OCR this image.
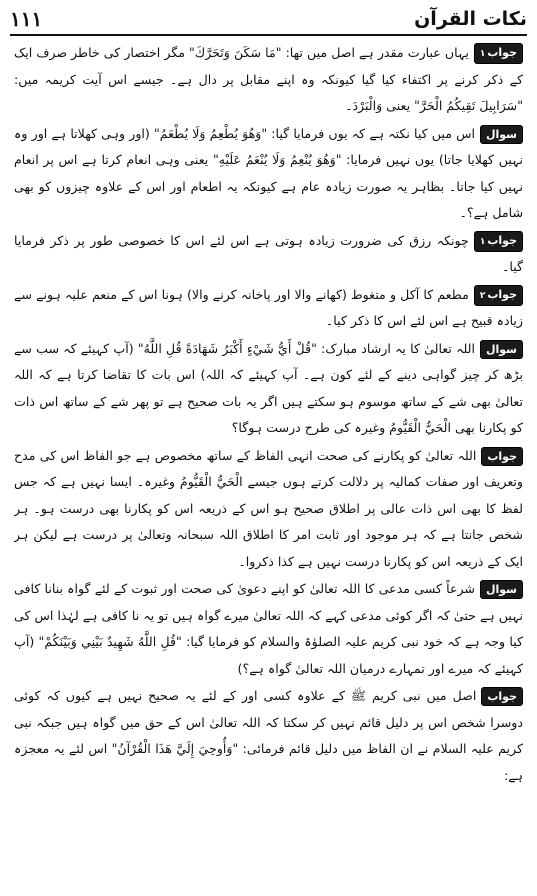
۱۱۱	نکات القرآن

جواب۱یہاں عبارت مقدر ہے اصل میں تھا: "مَا سَكَنَ وَتَحَرَّكَ" مگر اختصار کی خاطر صرف ایک کے ذکر کرنے پر اکتفاء کیا گیا کیونکہ وہ اپنے مقابل پر دال ہے۔ جیسے اس آیت کریمہ میں: "سَرَابِيلَ تَقِيكُمُ الْحَرَّ" یعنی وَالْبَرْدَ۔

سوالاس میں کیا نکتہ ہے کہ یوں فرمایا گیا: "وَهُوَ يُطْعِمُ وَلَا يُطْعَمُ" (اور وہی کھلاتا ہے اور وہ نہیں کھلایا جاتا) یوں نہیں فرمایا: "وَهُوَ يُنْعِمُ وَلَا يُنْعَمُ عَلَيْهِ" یعنی وہی انعام کرتا ہے اس پر انعام نہیں کیا جاتا۔ بظاہر یہ صورت زیادہ عام ہے کیونکہ یہ اطعام اور اس کے علاوہ چیزوں کو بھی شامل ہے؟۔

جواب۱چونکہ رزق کی ضرورت زیادہ ہوتی ہے اس لئے اس کا خصوصی طور پر ذکر فرمایا گیا۔

جواب۲مطعم کا آکل و متغوط (کھانے والا اور پاخانہ کرنے والا) ہونا اس کے منعم علیہ ہونے سے زیادہ قبیح ہے اس لئے اس کا ذکر کیا۔

سوالاللہ تعالیٰ کا یہ ارشاد مبارک: "قُلْ أَيُّ شَيْءٍ أَكْبَرُ شَهَادَةً قُلِ اللَّهُ" (آپ کہیئے کہ سب سے بڑھ کر چیز گواہی دینے کے لئے کون ہے۔ آپ کہیئے کہ اللہ) اس بات کا تقاضا کرتا ہے کہ اللہ تعالیٰ بھی شے کے ساتھ موسوم ہو سکتے ہیں اگر یہ بات صحیح ہے تو پھر شے کے ساتھ اس ذات کو پکارنا بھی الْحَيُّ الْقَيُّومُ وغیرہ کی طرح درست ہوگا؟

جواباللہ تعالیٰ کو پکارنے کی صحت انہی الفاظ کے ساتھ مخصوص ہے جو الفاظ اس کی مدح وتعریف اور صفات کمالیہ پر دلالت کرتے ہوں جیسے الْحَيُّ الْقَيُّومُ وغیرہ۔ ایسا نہیں ہے کہ جس لفظ کا بھی اس ذات عالی پر اطلاق صحیح ہو اس کے ذریعہ اس کو پکارنا بھی درست ہو۔ ہر شخص جانتا ہے کہ ہر موجود اور ثابت امر کا اطلاق اللہ سبحانہ وتعالیٰ پر درست ہے لیکن ہر ایک کے ذریعہ اس کو پکارنا درست نہیں ہے کذا ذکروا۔

سوالشرعاً کسی مدعی کا اللہ تعالیٰ کو اپنے دعویٰ کی صحت اور ثبوت کے لئے گواہ بنانا کافی نہیں ہے حتیٰ کہ اگر کوئی مدعی کہے کہ اللہ تعالیٰ میرے گواہ ہیں تو یہ نا کافی ہے لہٰذا اس کی کیا وجہ ہے کہ خود نبی کریم علیہ الصلوٰۃ والسلام کو فرمایا گیا: "قُلِ اللَّهُ شَهِيدٌ بَيْنِي وَبَيْنَكُمْ" (آپ کہیئے کہ میرے اور تمہارے درمیان اللہ تعالیٰ گواہ ہے؟)

جواباصل میں نبی کریم ﷺ کے علاوہ کسی اور کے لئے یہ صحیح نہیں ہے کیوں کہ کوئی دوسرا شخص اس پر دلیل قائم نہیں کر سکتا کہ اللہ تعالیٰ اس کے حق میں گواہ ہیں جبکہ نبی کریم علیہ السلام نے ان الفاظ میں دلیل قائم فرمائی: "وَأُوحِيَ إِلَيَّ هَذَا الْقُرْآنُ" اس لئے یہ معجزہ ہے:
